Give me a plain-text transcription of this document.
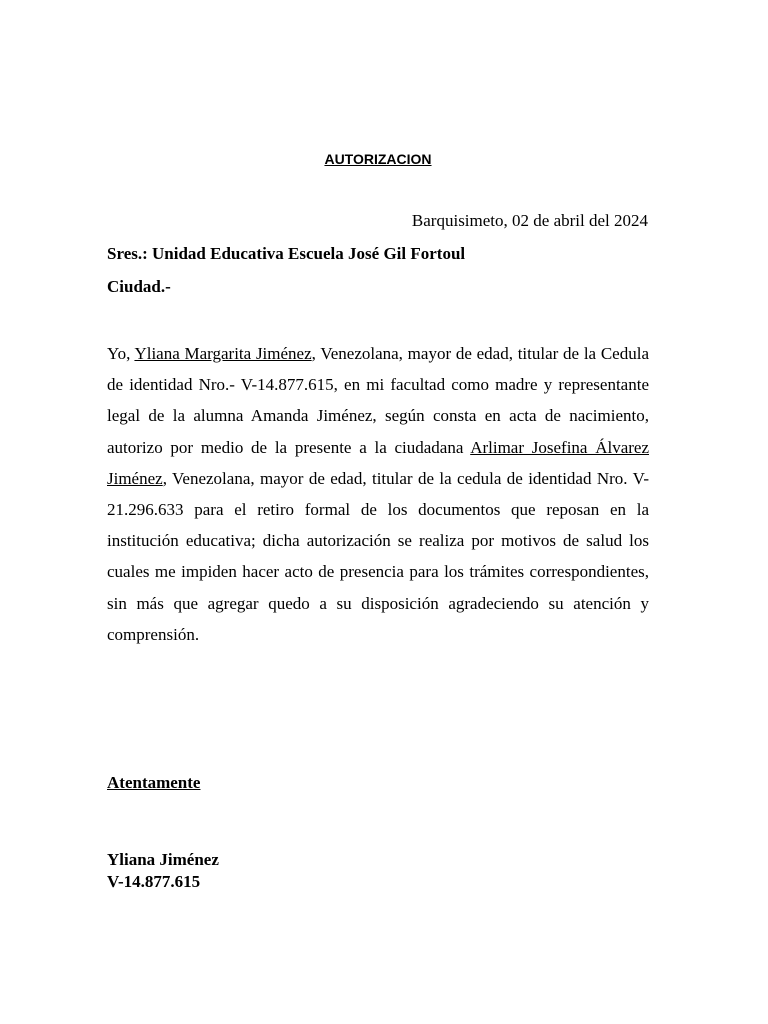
AUTORIZACION
Barquisimeto, 02 de abril del 2024
Sres.: Unidad Educativa Escuela José Gil Fortoul
Ciudad.-

Yo, Yliana Margarita Jiménez, Venezolana, mayor de edad, titular de la Cedula de identidad Nro.- V-14.877.615, en mi facultad como madre y representante legal de la alumna Amanda Jiménez, según consta en acta de nacimiento, autorizo por medio de la presente a la ciudadana Arlimar Josefina Álvarez Jiménez, Venezolana, mayor de edad, titular de la cedula de identidad Nro. V-21.296.633 para el retiro formal de los documentos que reposan en la institución educativa; dicha autorización se realiza por motivos de salud los cuales me impiden hacer acto de presencia para los trámites correspondientes, sin más que agregar quedo a su disposición agradeciendo su atención y comprensión.

Atentamente
Yliana Jiménez
V-14.877.615
